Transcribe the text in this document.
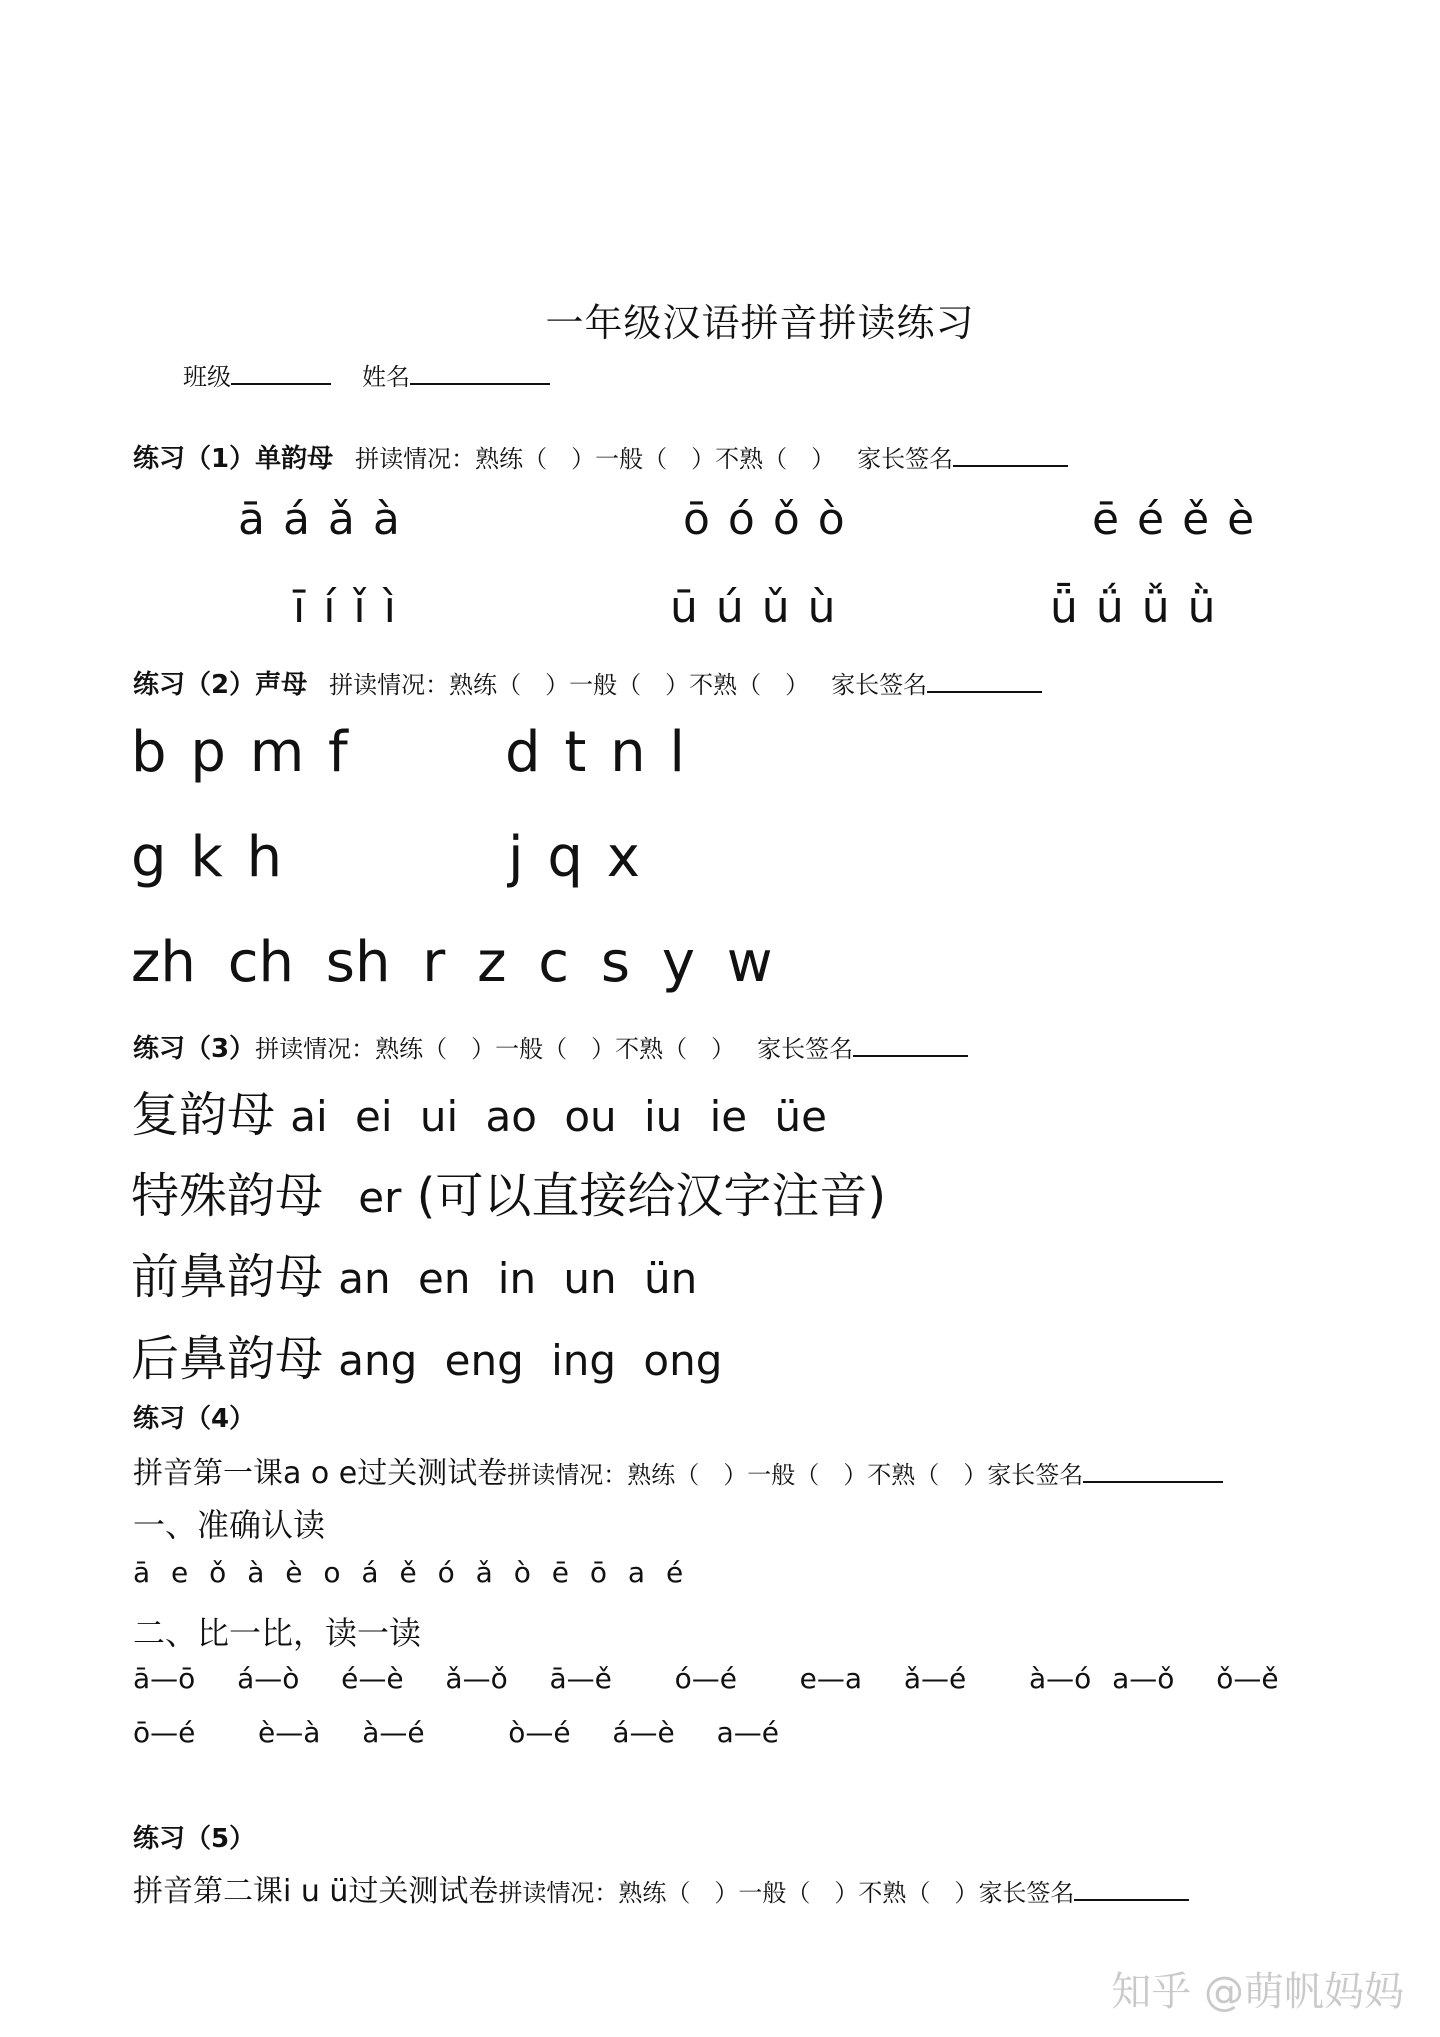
一年级汉语拼音拼读练习
班级	姓名
练习（1）单韵母 拼读情况：熟练（　）一般（　）不熟（　） 家长签名
ā á ǎ à	ō ó ǒ ò	ē é ě è
ī í ǐ ì	ū ú ǔ ù	ǖ ǘ ǚ ǜ
练习（2）声母 拼读情况：熟练（　）一般（　）不熟（　） 家长签名
b p m f	d t n l
g k h	j q x
zh ch sh r z c s y w
练习（3）拼读情况：熟练（　）一般（　）不熟（　） 家长签名
复韵母 ai ei ui ao ou iu ie üe
特殊韵母 er (可以直接给汉字注音)
前鼻韵母 an en in un ün
后鼻韵母 ang eng ing ong
练习（4）
拼音第一课a o e过关测试卷拼读情况：熟练（　）一般（　）不熟（　）家长签名
一、准确认读
ā e ǒ à è o á ě ó ǎ ò ē ō a é
二、比一比，读一读
ā—ō  á—ò  é—è  ǎ—ǒ  ā—ě   ó—é   e—a  ǎ—é   à—ó a—ǒ  ǒ—ě
ō—é   è—à  à—é    ò—é  á—è  a—é
练习（5）
拼音第二课i u ü过关测试卷拼读情况：熟练（　）一般（　）不熟（　）家长签名
知乎 @萌帆妈妈
